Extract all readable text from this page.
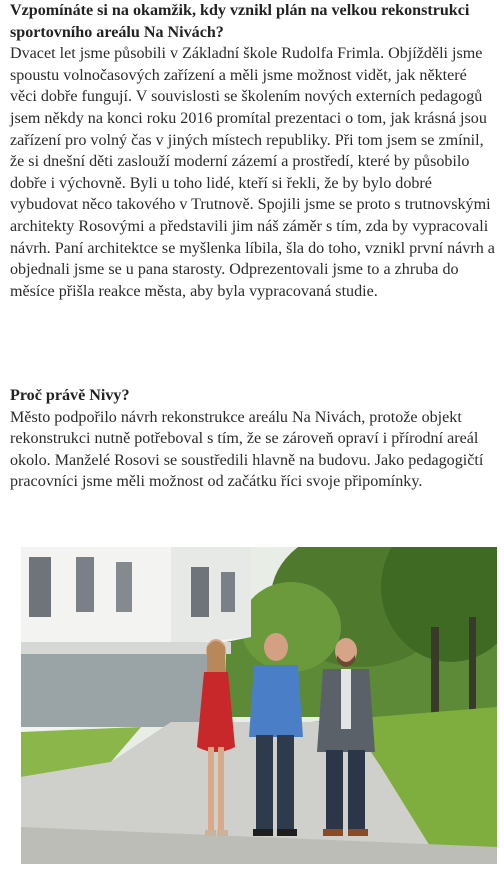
Vzpomínáte si na okamžik, kdy vznikl plán na velkou rekonstrukci sportovního areálu Na Nivách?

Dvacet let jsme působili v Základní škole Rudolfa Frimla. Objížděli jsme spoustu volnočasových zařízení a měli jsme možnost vidět, jak některé věci dobře fungují. V souvislosti se školením nových externích pedagogů jsem někdy na konci roku 2016 promítal prezentaci o tom, jak krásná jsou zařízení pro volný čas v jiných místech republiky. Při tom jsem se zmínil, že si dnešní děti zaslouží moderní zázemí a prostředí, které by působilo dobře i výchovně. Byli u toho lidé, kteří si řekli, že by bylo dobré vybudovat něco takového v Trutnově. Spojili jsme se proto s trutnovskými architekty Rosovými a představili jim náš záměr s tím, zda by vypracovali návrh. Paní architektce se myšlenka líbila, šla do toho, vznikl první návrh a objednali jsme se u pana starosty. Odprezentovali jsme to a zhruba do měsíce přišla reakce města, aby byla vypracovaná studie.

Proč právě Nivy?

Město podpořilo návrh rekonstrukce areálu Na Nivách, protože objekt rekonstrukci nutně potřeboval s tím, že se zároveň opraví i přírodní areál okolo. Manželé Rosovi se soustředili hlavně na budovu. Jako pedagogičtí pracovníci jsme měli možnost od začátku říci svoje připomínky.
